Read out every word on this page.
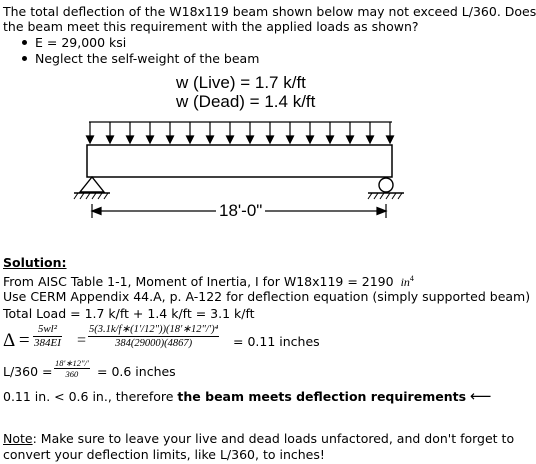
The total deflection of the W18x119 beam shown below may not exceed L/360. Does
the beam meet this requirement with the applied loads as shown?
E = 29,000 ksi
Neglect the self-weight of the beam
w (Live) = 1.7 k/ft
w (Dead) = 1.4 k/ft
18'-0"
Solution:
From AISC Table 1-1, Moment of Inertia, I for W18x119 = 2190 $in^4$
Use CERM Appendix 44.A, p. A-122 for deflection equation (simply supported beam)
Total Load = 1.7 k/ft + 1.4 k/ft = 3.1 k/ft
$\Delta = \frac{\text{5wl²}}{384EI} = \frac{\text{5(3.1k/f∗(1'/12"))(18'∗12"/')⁴}}{384(29000)(4867)} = 0.11$ inches
$L/360 = \frac{18'∗12"/'}{360} = 0.6$ inches
0.11 in. < 0.6 in., therefore the beam meets deflection requirements ⟵
Note: Make sure to leave your live and dead loads unfactored, and don't forget to
convert your deflection limits, like L/360, to inches!
